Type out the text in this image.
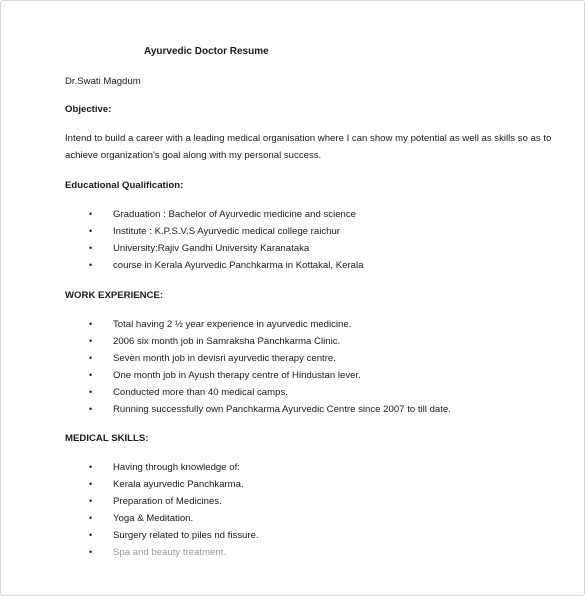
Ayurvedic Doctor Resume
Dr.Swati Magdum
Objective:
Intend to build a career with a leading medical organisation where I can show my potential as well as skills so as to
achieve organization's goal along with my personal success.
Educational Qualification:
• Graduation : Bachelor of Ayurvedic medicine and science
• Institute : K.P.S.V.S Ayurvedic medical college raichur
• University:Rajiv Gandhi University Karanataka
• course in Kerala Ayurvedic Panchkarma in Kottakal, Kerala
WORK EXPERIENCE:
• Total having 2 ½ year experience in ayurvedic medicine.
• 2006 six month job in Samraksha Panchkarma Clinic.
• Seven month job in devisri ayurvedic therapy centre.
• One month job in Ayush therapy centre of Hindustan lever.
• Conducted more than 40 medical camps.
• Running successfully own Panchkarma Ayurvedic Centre since 2007 to till date.
MEDICAL SKILLS:
• Having through knowledge of:
• Kerala ayurvedic Panchkarma.
• Preparation of Medicines.
• Yoga & Meditation.
• Surgery related to piles nd fissure.
• Spa and beauty treatment.
